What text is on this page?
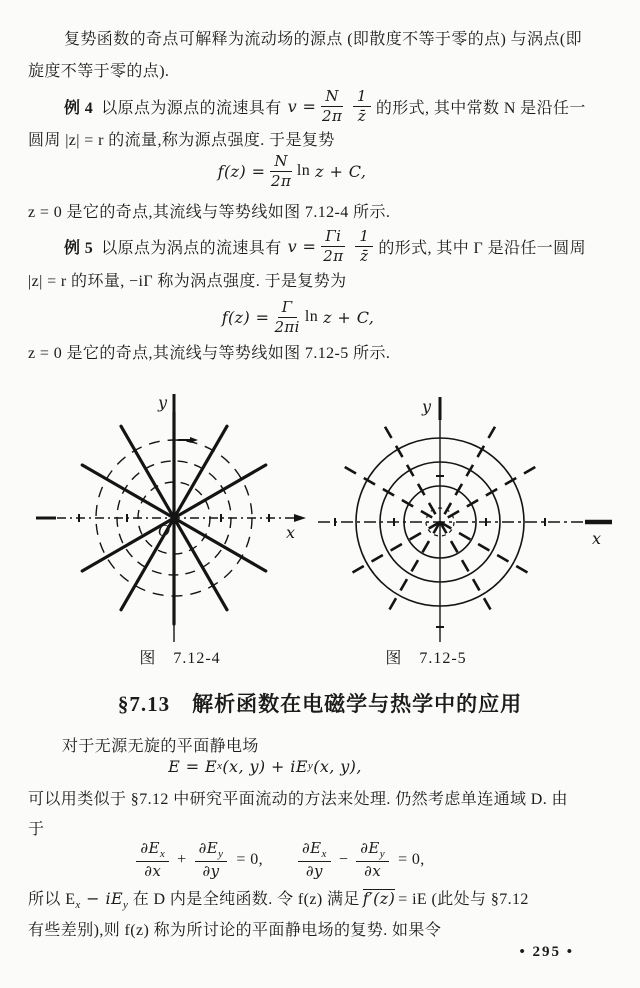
复势函数的奇点可解释为流动场的源点 (即散度不等于零的点) 与涡点(即
旋度不等于零的点).
例 4 以原点为源点的流速具有 $v = \frac{N}{2\pi} \frac{1}{z̄}$ 的形式, 其中常数 N 是沿任一
圆周 |z| = r 的流量,称为源点强度. 于是复势
$f(z) = \frac{N}{2\pi}$ ln z + C,
z = 0 是它的奇点,其流线与等势线如图 7.12-4 所示.
例 5 以原点为涡点的流速具有 $v = \frac{\Gamma i}{2\pi} \frac{1}{z̄}$ 的形式, 其中 Γ 是沿任一圆周
|z| = r 的环量, −iΓ 称为涡点强度. 于是复势为
$f(z) = \frac{\Gamma}{2\pi i}$ ln z + C,
z = 0 是它的奇点,其流线与等势线如图 7.12-5 所示.
y
x
O
y
x
图　7.12-4	图　7.12-5
§7.13　解析函数在电磁学与热学中的应用
对于无源无旋的平面静电场
E = E x (x, y) + iE y (x, y),
可以用类似于 §7.12 中研究平面流动的方法来处理. 仍然考虑单连通域 D. 由
于
$\frac{\partial E_x}{\partial x} + \frac{\partial E_y}{\partial y} = 0$, $\frac{\partial E_x}{\partial y} - \frac{\partial E_y}{\partial x} = 0$,
所以 $E_x - iE_y$ 在 D 内是全纯函数. 令 f(z) 满足 f′(z) = iE (此处与 §7.12
有些差别),则 f(z) 称为所讨论的平面静电场的复势. 如果令
• 295 •
